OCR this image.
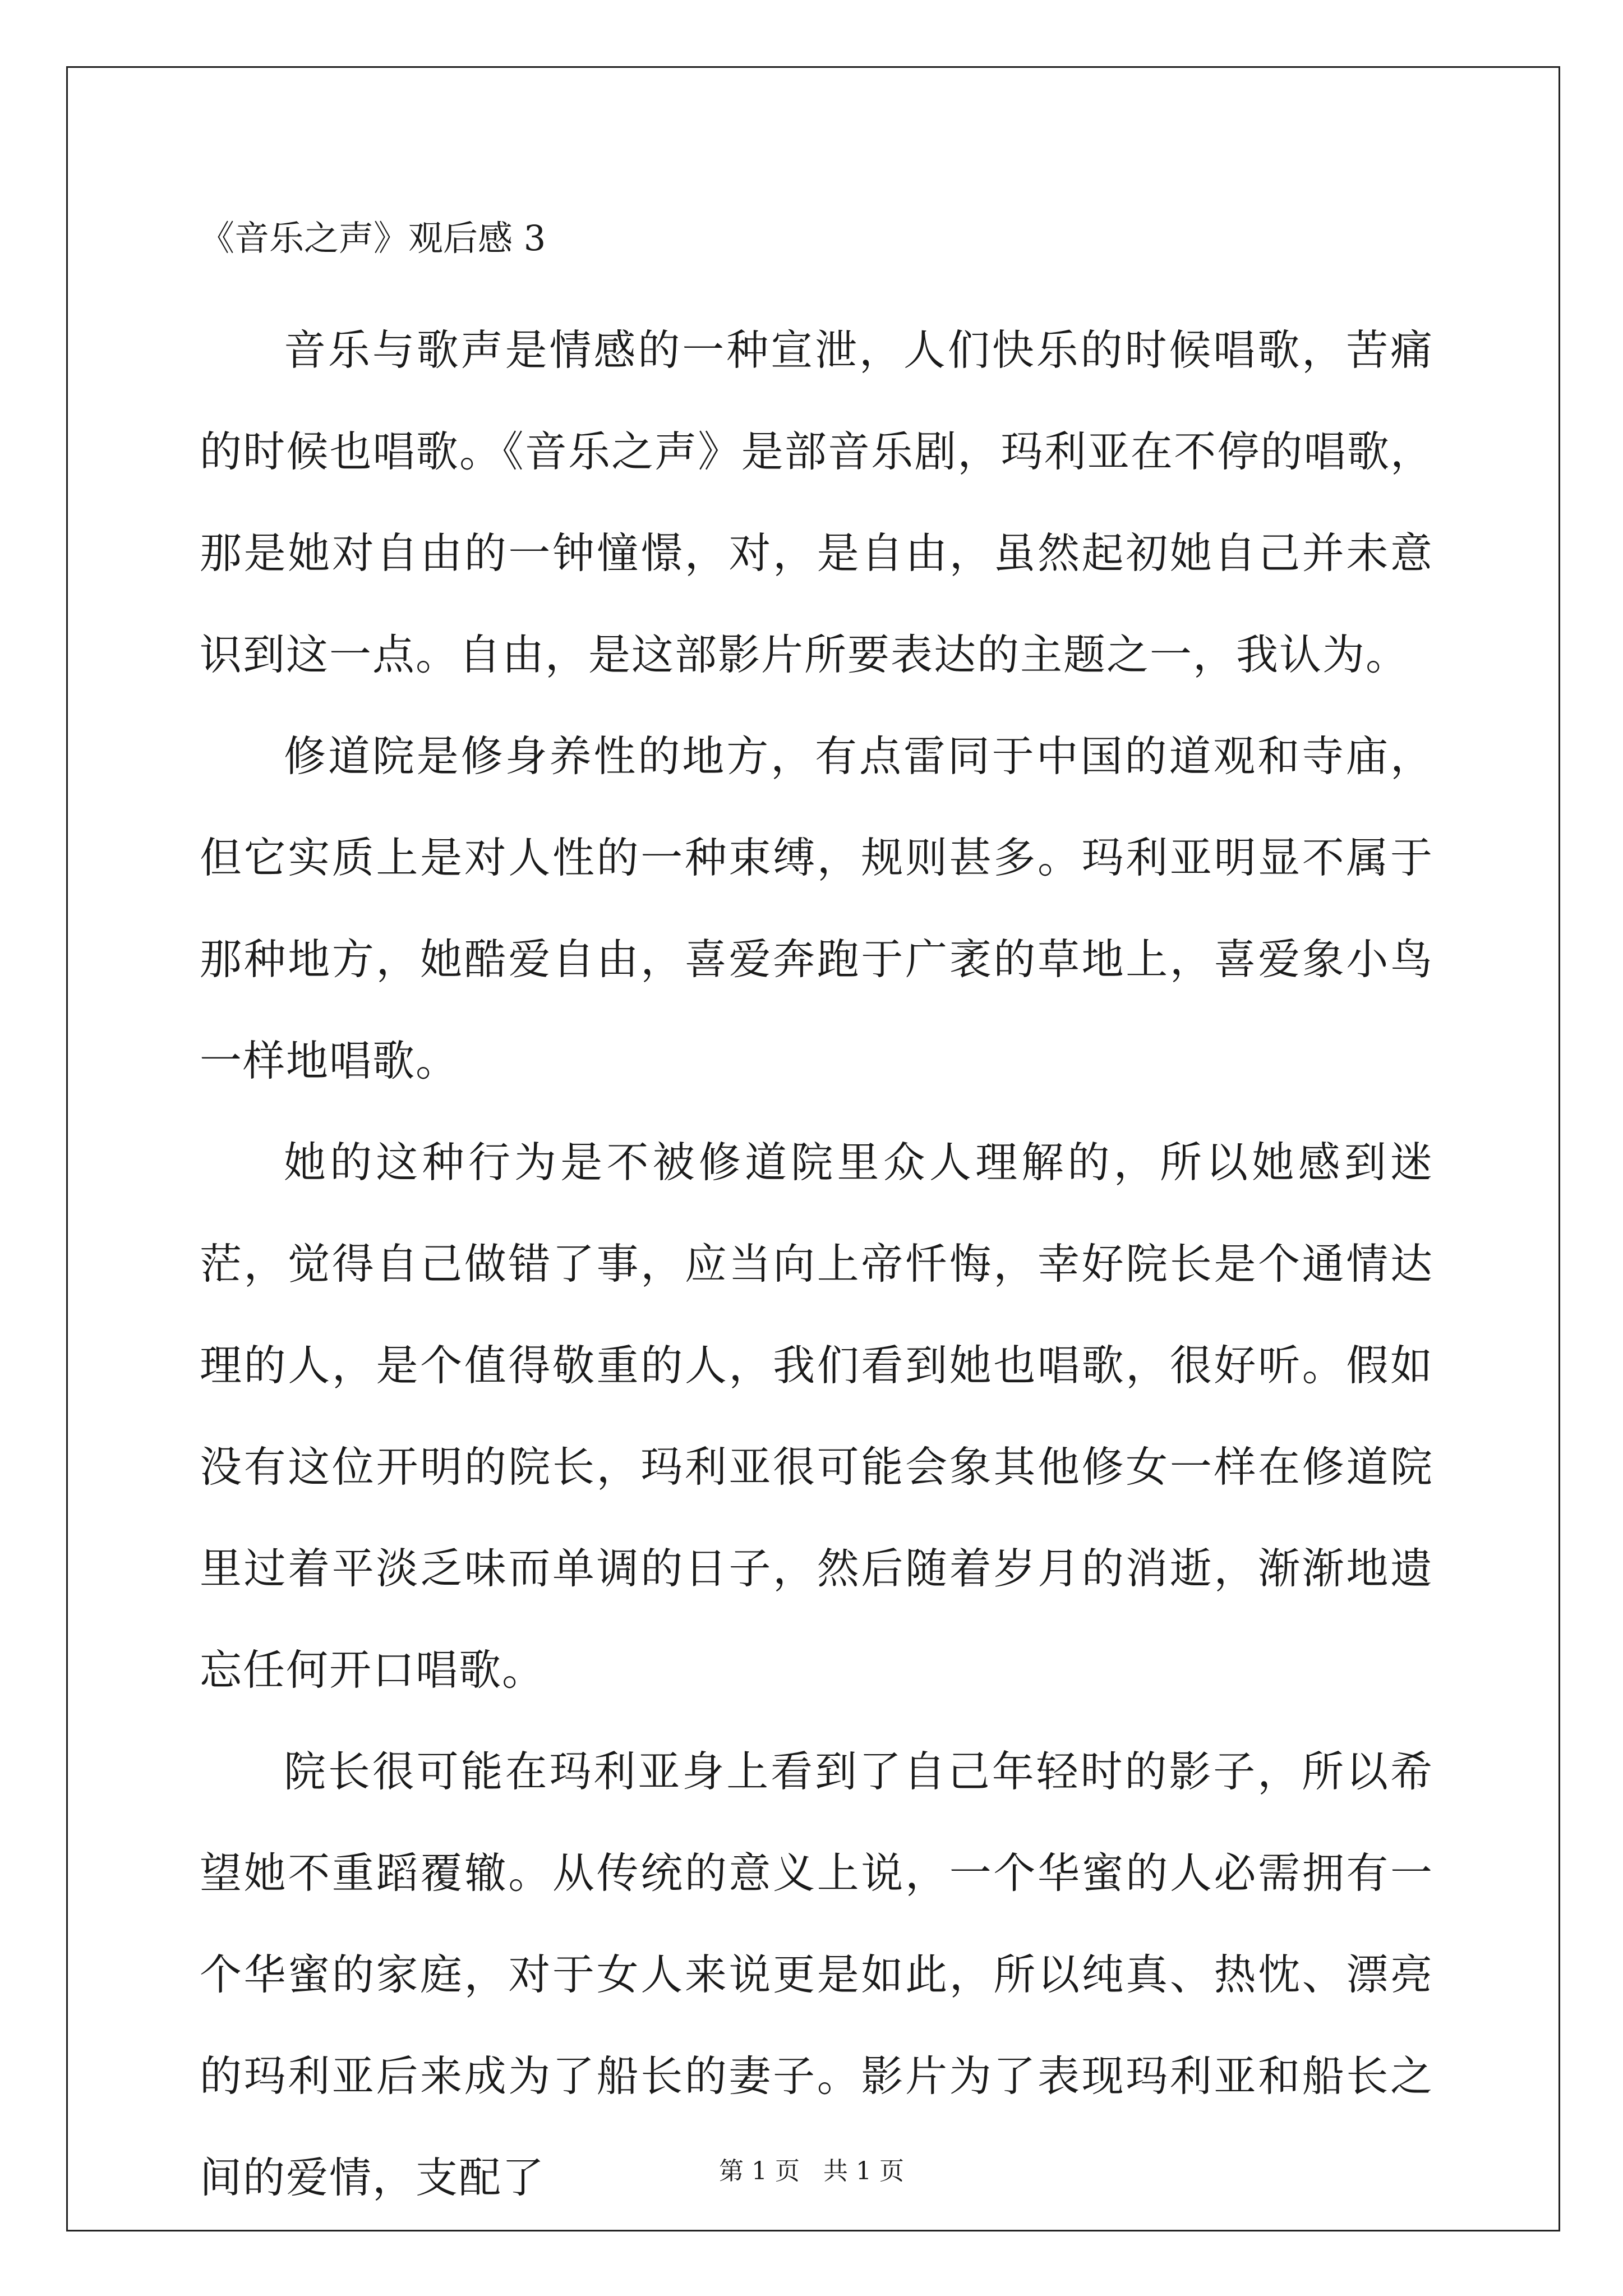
《音乐之声》观后感 3

音乐与歌声是情感的一种宣泄，人们快乐的时候唱歌，苦痛的时候也唱歌。《音乐之声》是部音乐剧，玛利亚在不停的唱歌，那是她对自由的一钟憧憬，对，是自由，虽然起初她自己并未意识到这一点。自由，是这部影片所要表达的主题之一，我认为。

修道院是修身养性的地方，有点雷同于中国的道观和寺庙，但它实质上是对人性的一种束缚，规则甚多。玛利亚明显不属于那种地方，她酷爱自由，喜爱奔跑于广袤的草地上，喜爱象小鸟一样地唱歌。

她的这种行为是不被修道院里众人理解的，所以她感到迷茫，觉得自己做错了事，应当向上帝忏悔，幸好院长是个通情达理的人，是个值得敬重的人，我们看到她也唱歌，很好听。假如没有这位开明的院长，玛利亚很可能会象其他修女一样在修道院里过着平淡乏味而单调的日子，然后随着岁月的消逝，渐渐地遗忘任何开口唱歌。

院长很可能在玛利亚身上看到了自己年轻时的影子，所以希望她不重蹈覆辙。从传统的意义上说，一个华蜜的人必需拥有一个华蜜的家庭，对于女人来说更是如此，所以纯真、热忱、漂亮的玛利亚后来成为了船长的妻子。影片为了表现玛利亚和船长之间的爱情，支配了	第 1 页 共 1 页
